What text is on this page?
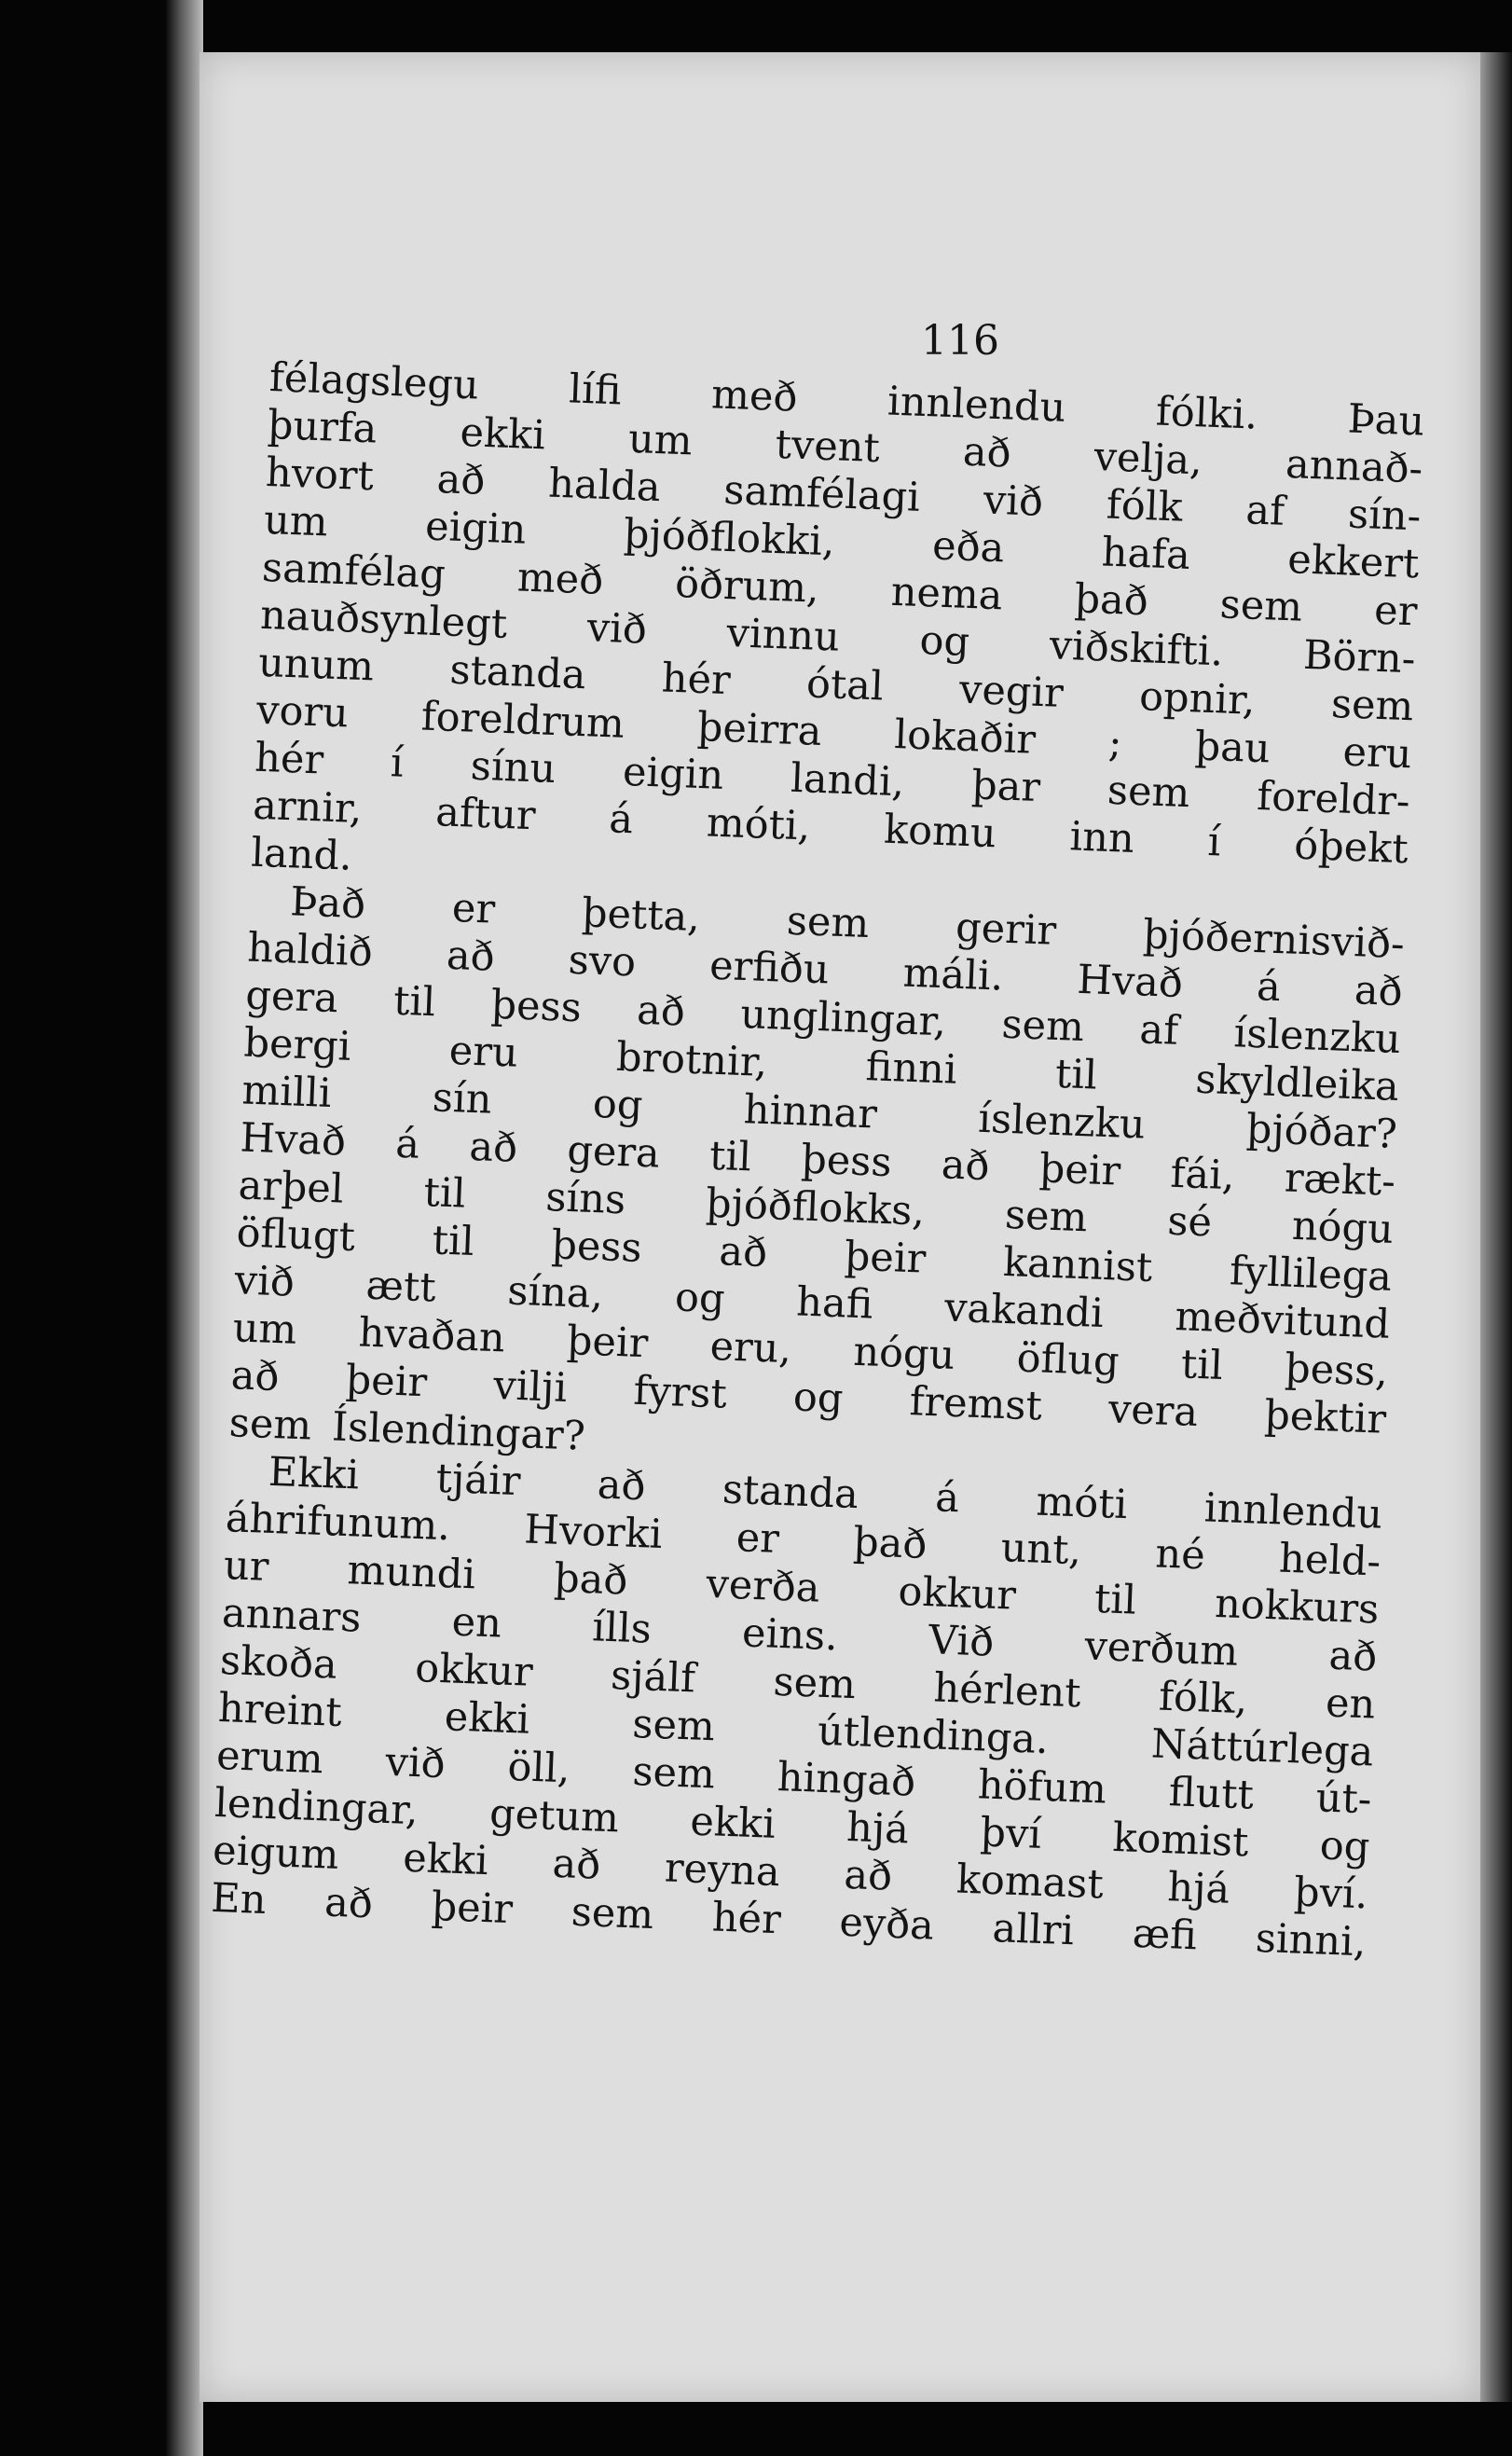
116
félagslegu lífi með innlendu fólki. Þau
þurfa ekki um tvent að velja, annað-
hvort að halda samfélagi við fólk af sín-
um eigin þjóðflokki, eða hafa ekkert
samfélag með öðrum, nema það sem er
nauðsynlegt við vinnu og viðskifti. Börn-
unum standa hér ótal vegir opnir, sem
voru foreldrum þeirra lokaðir ; þau eru
hér í sínu eigin landi, þar sem foreldr-
arnir, aftur á móti, komu inn í óþekt
land.
Það er þetta, sem gerir þjóðernisvið-
haldið að svo erfiðu máli. Hvað á að
gera til þess að unglingar, sem af íslenzku
bergi eru brotnir, finni til skyldleika
milli sín og hinnar íslenzku þjóðar?
Hvað á að gera til þess að þeir fái, rækt-
arþel til síns þjóðflokks, sem sé nógu
öflugt til þess að þeir kannist fyllilega
við ætt sína, og hafi vakandi meðvitund
um hvaðan þeir eru, nógu öflug til þess,
að þeir vilji fyrst og fremst vera þektir
sem Íslendingar?
Ekki tjáir að standa á móti innlendu
áhrifunum. Hvorki er það unt, né held-
ur mundi það verða okkur til nokkurs
annars en ílls eins. Við verðum að
skoða okkur sjálf sem hérlent fólk, en
hreint	ekki	sem	útlendinga.	Náttúrlega
erum við öll, sem hingað höfum flutt út-
lendingar, getum ekki hjá því komist og
eigum ekki að reyna að komast hjá því.
En að þeir sem hér eyða allri æfi sinni,
